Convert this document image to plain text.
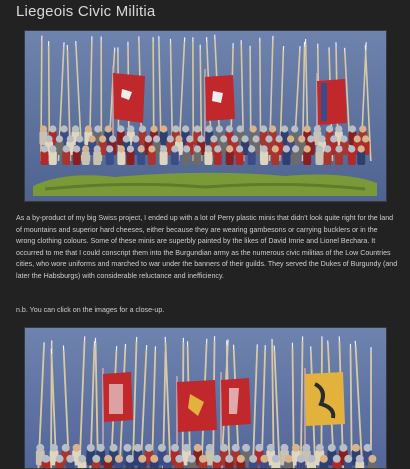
Liegeois Civic Militia
As a by-product of my big Swiss project, I ended up with a lot of Perry plastic minis that didn't look quite right for the land of mountains and superior hard cheeses, either because they are wearing gambesons or carrying bucklers or in the wrong clothing colours. Some of these minis are superbly painted by the likes of David Imrie and Lionel Bechara. It occurred to me that I could conscript them into the Burgundian army as the numerous civic militias of the Low Countries cities, who wore uniforms and marched to war under the banners of their guilds. They served the Dukes of Burgundy (and later the Habsburgs) with considerable reluctance and inefficiency.
n.b. You can click on the images for a close-up.
